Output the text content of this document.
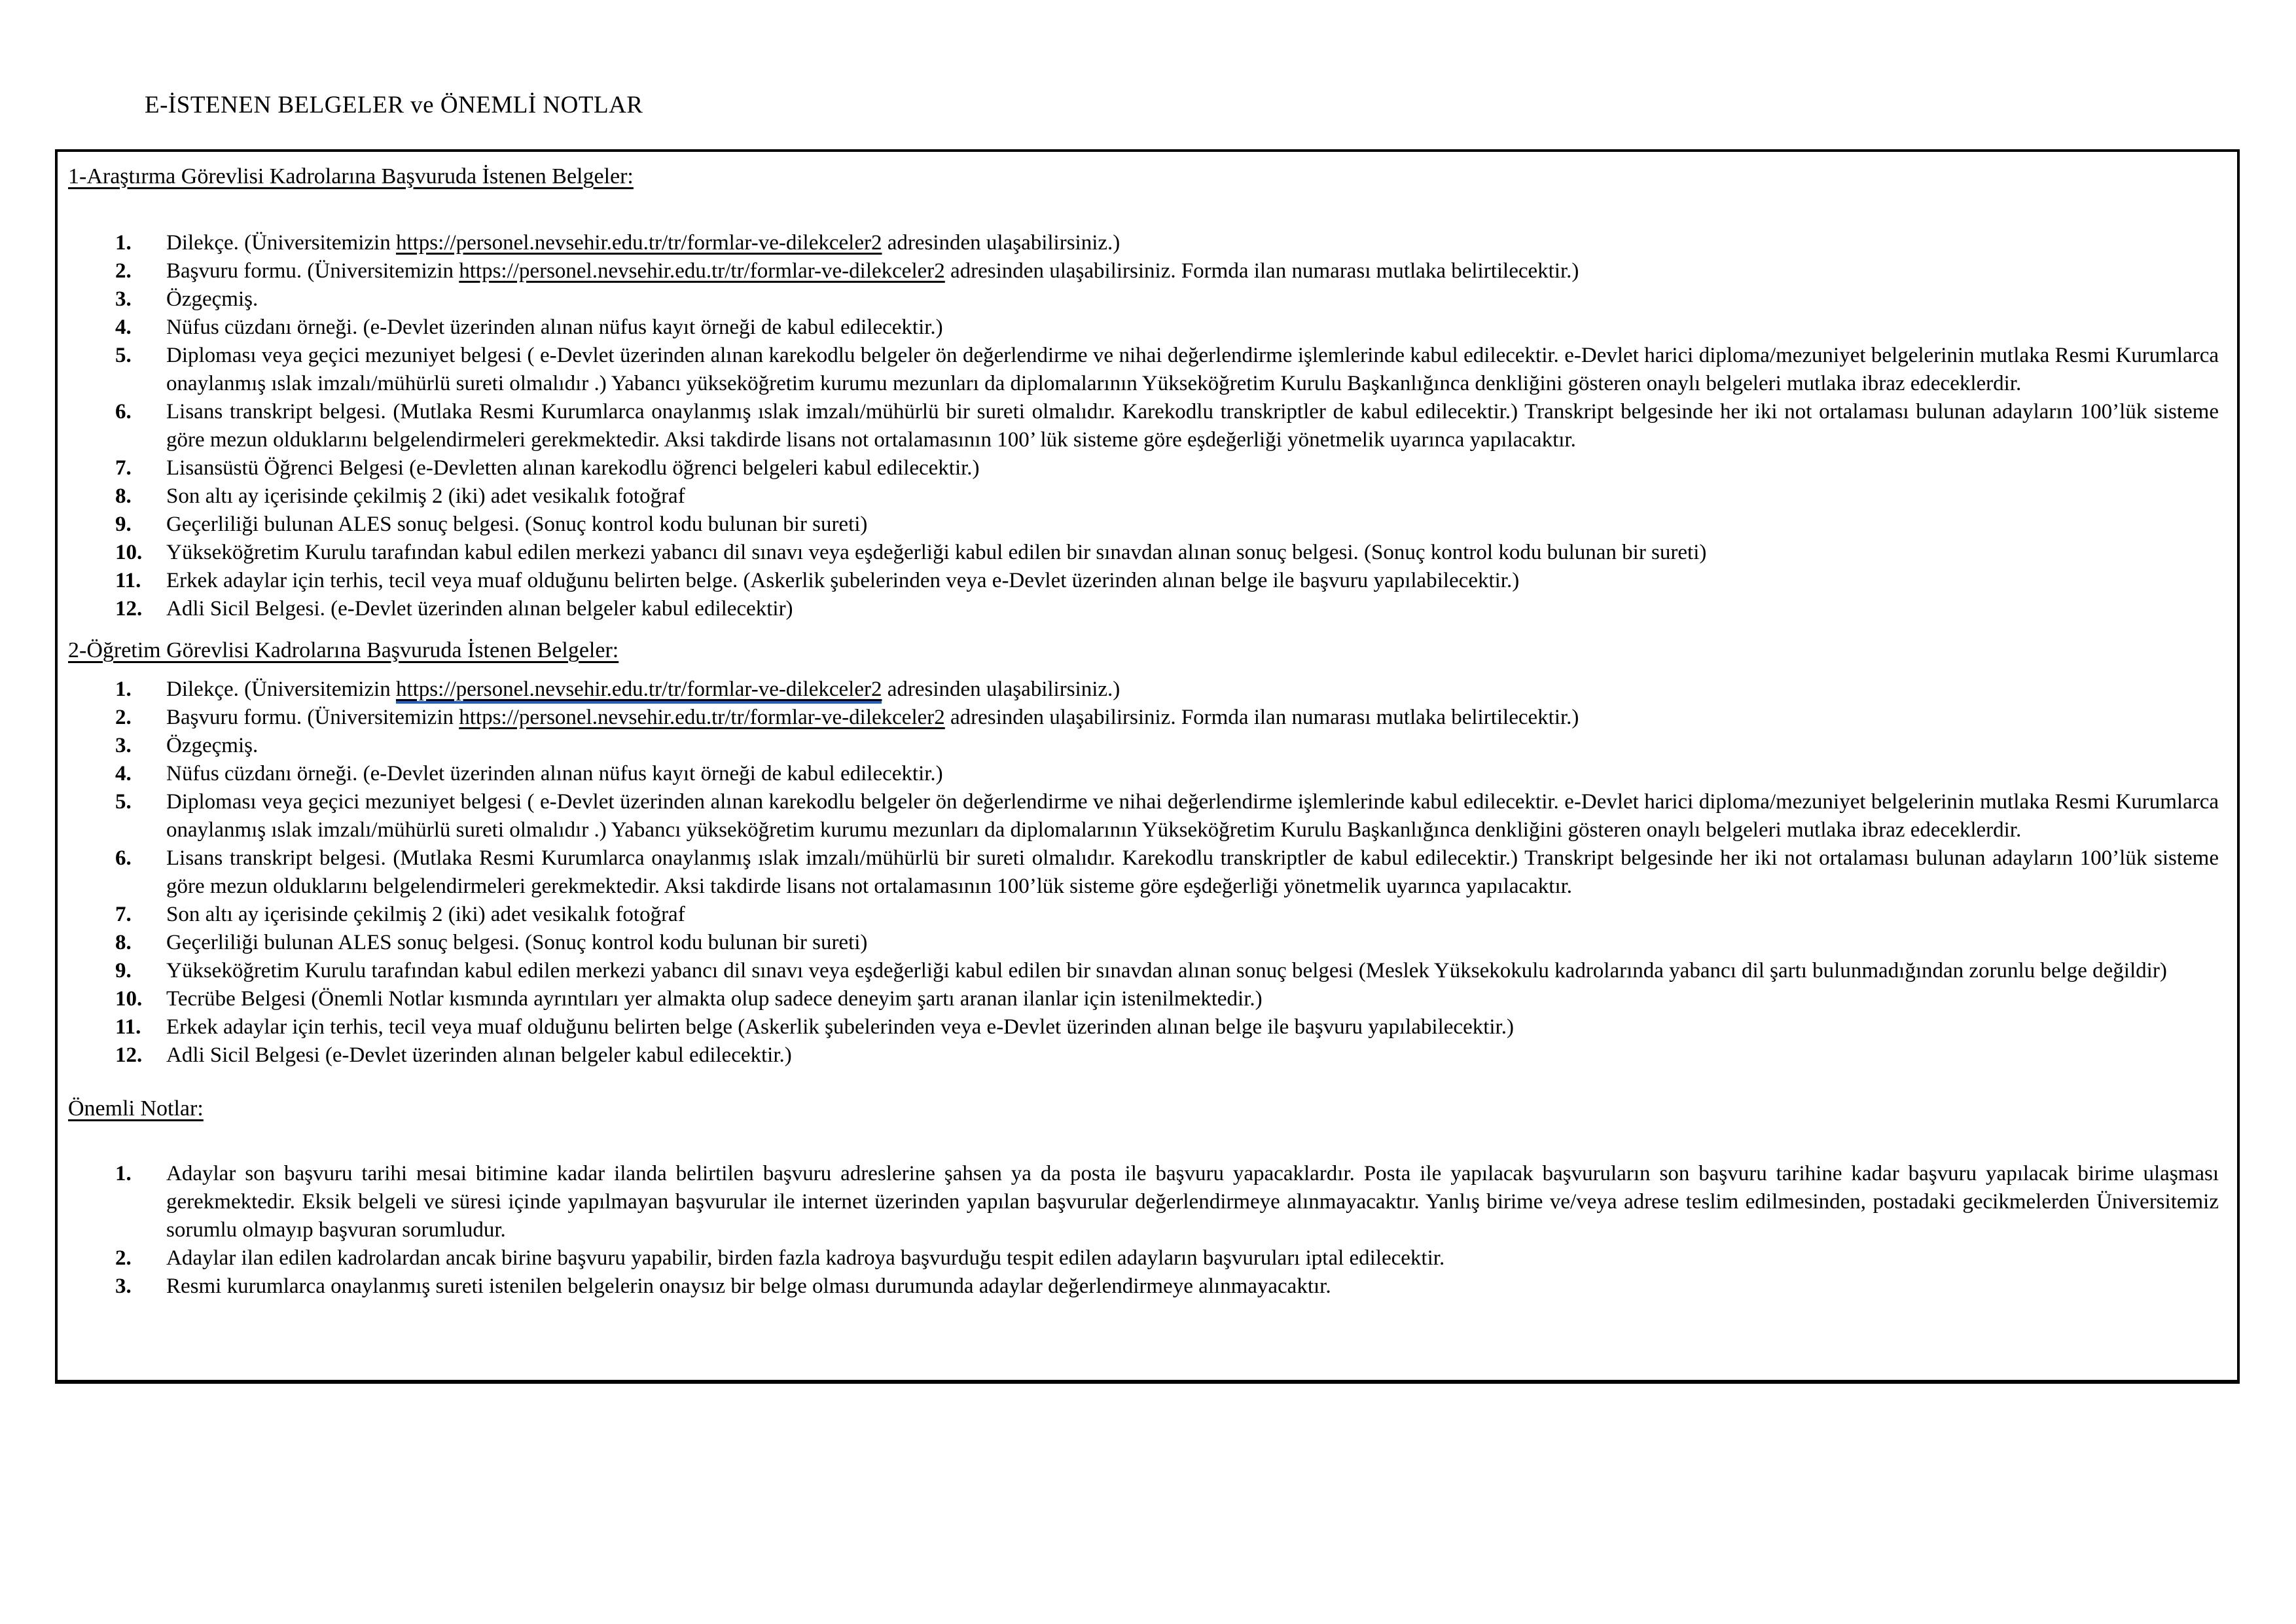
E-İSTENEN BELGELER ve ÖNEMLİ NOTLAR
1-Araştırma Görevlisi Kadrolarına Başvuruda İstenen Belgeler:
1.	Dilekçe. (Üniversitemizin https://personel.nevsehir.edu.tr/tr/formlar-ve-dilekceler2 adresinden ulaşabilirsiniz.)
2.	Başvuru formu. (Üniversitemizin https://personel.nevsehir.edu.tr/tr/formlar-ve-dilekceler2 adresinden ulaşabilirsiniz. Formda ilan numarası mutlaka belirtilecektir.)
3.	Özgeçmiş.
4.	Nüfus cüzdanı örneği. (e-Devlet üzerinden alınan nüfus kayıt örneği de kabul edilecektir.)
5.	Diploması veya geçici mezuniyet belgesi ( e-Devlet üzerinden alınan karekodlu belgeler ön değerlendirme ve nihai değerlendirme işlemlerinde kabul edilecektir. e-Devlet harici diploma/mezuniyet belgelerinin mutlaka Resmi Kurumlarca onaylanmış ıslak imzalı/mühürlü sureti olmalıdır .) Yabancı yükseköğretim kurumu mezunları da diplomalarının Yükseköğretim Kurulu Başkanlığınca denkliğini gösteren onaylı belgeleri mutlaka ibraz edeceklerdir.
6.	Lisans transkript belgesi. (Mutlaka Resmi Kurumlarca onaylanmış ıslak imzalı/mühürlü bir sureti olmalıdır. Karekodlu transkriptler de kabul edilecektir.) Transkript belgesinde her iki not ortalaması bulunan adayların 100’lük sisteme göre mezun olduklarını belgelendirmeleri gerekmektedir. Aksi takdirde lisans not ortalamasının 100’ lük sisteme göre eşdeğerliği yönetmelik uyarınca yapılacaktır.
7.	Lisansüstü Öğrenci Belgesi (e-Devletten alınan karekodlu öğrenci belgeleri kabul edilecektir.)
8.	Son altı ay içerisinde çekilmiş 2 (iki) adet vesikalık fotoğraf
9.	Geçerliliği bulunan ALES sonuç belgesi. (Sonuç kontrol kodu bulunan bir sureti)
10.	Yükseköğretim Kurulu tarafından kabul edilen merkezi yabancı dil sınavı veya eşdeğerliği kabul edilen bir sınavdan alınan sonuç belgesi. (Sonuç kontrol kodu bulunan bir sureti)
11.	Erkek adaylar için terhis, tecil veya muaf olduğunu belirten belge. (Askerlik şubelerinden veya e-Devlet üzerinden alınan belge ile başvuru yapılabilecektir.)
12.	Adli Sicil Belgesi. (e-Devlet üzerinden alınan belgeler kabul edilecektir)
2-Öğretim Görevlisi Kadrolarına Başvuruda İstenen Belgeler:
1.	Dilekçe. (Üniversitemizin https://personel.nevsehir.edu.tr/tr/formlar-ve-dilekceler2 adresinden ulaşabilirsiniz.)
2.	Başvuru formu. (Üniversitemizin https://personel.nevsehir.edu.tr/tr/formlar-ve-dilekceler2 adresinden ulaşabilirsiniz. Formda ilan numarası mutlaka belirtilecektir.)
3.	Özgeçmiş.
4.	Nüfus cüzdanı örneği. (e-Devlet üzerinden alınan nüfus kayıt örneği de kabul edilecektir.)
5.	Diploması veya geçici mezuniyet belgesi ( e-Devlet üzerinden alınan karekodlu belgeler ön değerlendirme ve nihai değerlendirme işlemlerinde kabul edilecektir. e-Devlet harici diploma/mezuniyet belgelerinin mutlaka Resmi Kurumlarca onaylanmış ıslak imzalı/mühürlü sureti olmalıdır .) Yabancı yükseköğretim kurumu mezunları da diplomalarının Yükseköğretim Kurulu Başkanlığınca denkliğini gösteren onaylı belgeleri mutlaka ibraz edeceklerdir.
6.	Lisans transkript belgesi. (Mutlaka Resmi Kurumlarca onaylanmış ıslak imzalı/mühürlü bir sureti olmalıdır. Karekodlu transkriptler de kabul edilecektir.) Transkript belgesinde her iki not ortalaması bulunan adayların 100’lük sisteme göre mezun olduklarını belgelendirmeleri gerekmektedir. Aksi takdirde lisans not ortalamasının 100’lük sisteme göre eşdeğerliği yönetmelik uyarınca yapılacaktır.
7.	Son altı ay içerisinde çekilmiş 2 (iki) adet vesikalık fotoğraf
8.	Geçerliliği bulunan ALES sonuç belgesi. (Sonuç kontrol kodu bulunan bir sureti)
9.	Yükseköğretim Kurulu tarafından kabul edilen merkezi yabancı dil sınavı veya eşdeğerliği kabul edilen bir sınavdan alınan sonuç belgesi (Meslek Yüksekokulu kadrolarında yabancı dil şartı bulunmadığından zorunlu belge değildir)
10.	Tecrübe Belgesi (Önemli Notlar kısmında ayrıntıları yer almakta olup sadece deneyim şartı aranan ilanlar için istenilmektedir.)
11.	Erkek adaylar için terhis, tecil veya muaf olduğunu belirten belge (Askerlik şubelerinden veya e-Devlet üzerinden alınan belge ile başvuru yapılabilecektir.)
12.	Adli Sicil Belgesi (e-Devlet üzerinden alınan belgeler kabul edilecektir.)
Önemli Notlar:
1.	Adaylar son başvuru tarihi mesai bitimine kadar ilanda belirtilen başvuru adreslerine şahsen ya da posta ile başvuru yapacaklardır. Posta ile yapılacak başvuruların son başvuru tarihine kadar başvuru yapılacak birime ulaşması gerekmektedir. Eksik belgeli ve süresi içinde yapılmayan başvurular ile internet üzerinden yapılan başvurular değerlendirmeye alınmayacaktır. Yanlış birime ve/veya adrese teslim edilmesinden, postadaki gecikmelerden Üniversitemiz sorumlu olmayıp başvuran sorumludur.
2.	Adaylar ilan edilen kadrolardan ancak birine başvuru yapabilir, birden fazla kadroya başvurduğu tespit edilen adayların başvuruları iptal edilecektir.
3.	Resmi kurumlarca onaylanmış sureti istenilen belgelerin onaysız bir belge olması durumunda adaylar değerlendirmeye alınmayacaktır.
